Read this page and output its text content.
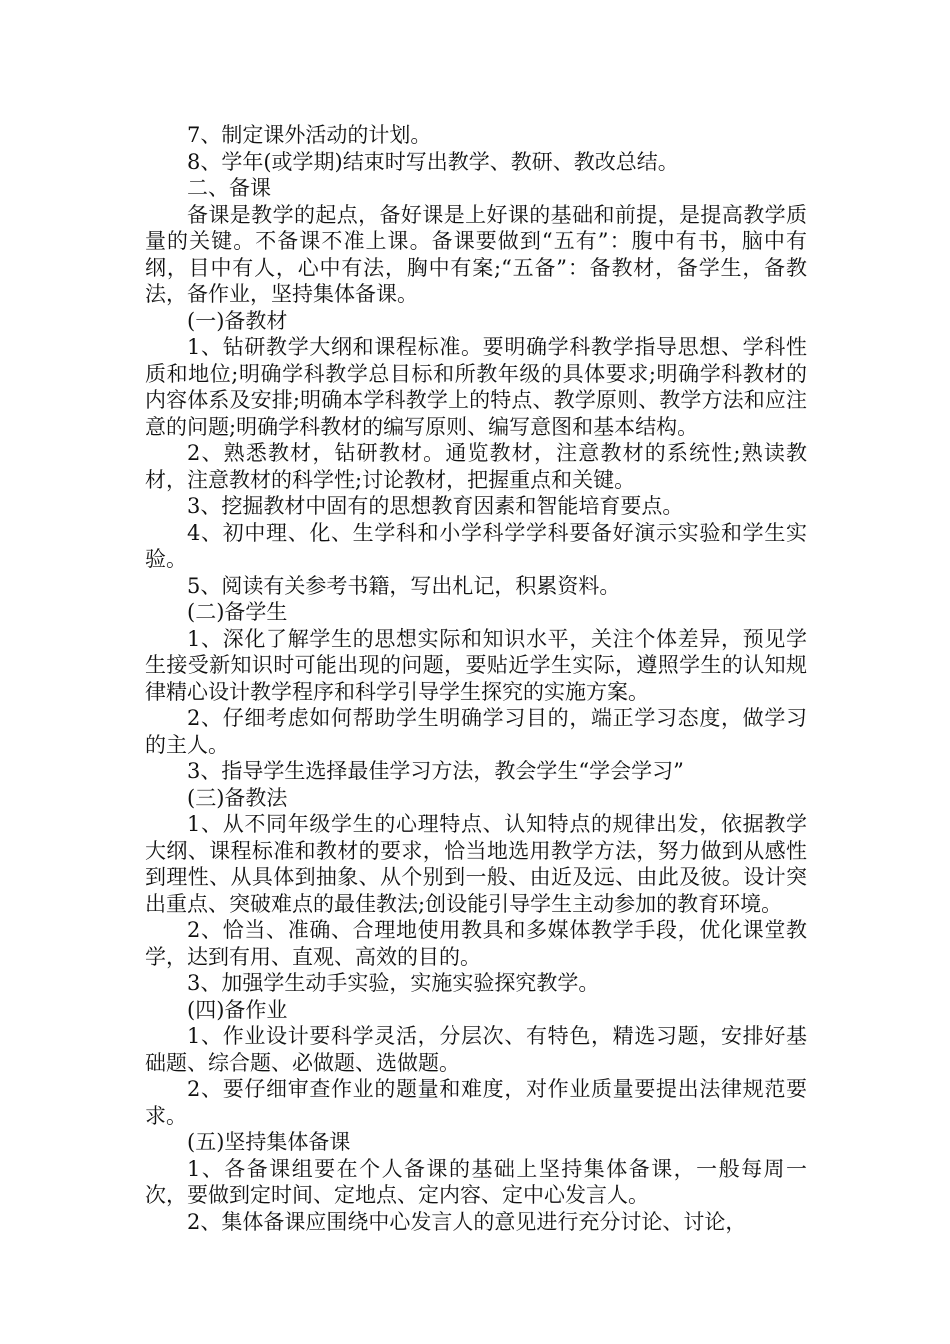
7、制定课外活动的计划。

8、学年(或学期)结束时写出教学、教研、教改总结。

二、备课

备课是教学的起点，备好课是上好课的基础和前提，是提高教学质量的关键。不备课不准上课。备课要做到“五有”：腹中有书，脑中有纲，目中有人，心中有法，胸中有案;“五备”：备教材，备学生，备教法，备作业，坚持集体备课。

(一)备教材

1、钻研教学大纲和课程标准。要明确学科教学指导思想、学科性质和地位;明确学科教学总目标和所教年级的具体要求;明确学科教材的内容体系及安排;明确本学科教学上的特点、教学原则、教学方法和应注意的问题;明确学科教材的编写原则、编写意图和基本结构。

2、熟悉教材，钻研教材。通览教材，注意教材的系统性;熟读教材，注意教材的科学性;讨论教材，把握重点和关键。

3、挖掘教材中固有的思想教育因素和智能培育要点。

4、初中理、化、生学科和小学科学学科要备好演示实验和学生实验。

5、阅读有关参考书籍，写出札记，积累资料。

(二)备学生

1、深化了解学生的思想实际和知识水平，关注个体差异，预见学生接受新知识时可能出现的问题，要贴近学生实际，遵照学生的认知规律精心设计教学程序和科学引导学生探究的实施方案。

2、仔细考虑如何帮助学生明确学习目的，端正学习态度，做学习的主人。

3、指导学生选择最佳学习方法，教会学生“学会学习”

(三)备教法

1、从不同年级学生的心理特点、认知特点的规律出发，依据教学大纲、课程标准和教材的要求，恰当地选用教学方法，努力做到从感性到理性、从具体到抽象、从个别到一般、由近及远、由此及彼。设计突出重点、突破难点的最佳教法;创设能引导学生主动参加的教育环境。

2、恰当、准确、合理地使用教具和多媒体教学手段，优化课堂教学，达到有用、直观、高效的目的。

3、加强学生动手实验，实施实验探究教学。

(四)备作业

1、作业设计要科学灵活，分层次、有特色，精选习题，安排好基础题、综合题、必做题、选做题。

2、要仔细审查作业的题量和难度，对作业质量要提出法律规范要求。

(五)坚持集体备课

1、各备课组要在个人备课的基础上坚持集体备课，一般每周一次，要做到定时间、定地点、定内容、定中心发言人。

2、集体备课应围绕中心发言人的意见进行充分讨论、讨论，
